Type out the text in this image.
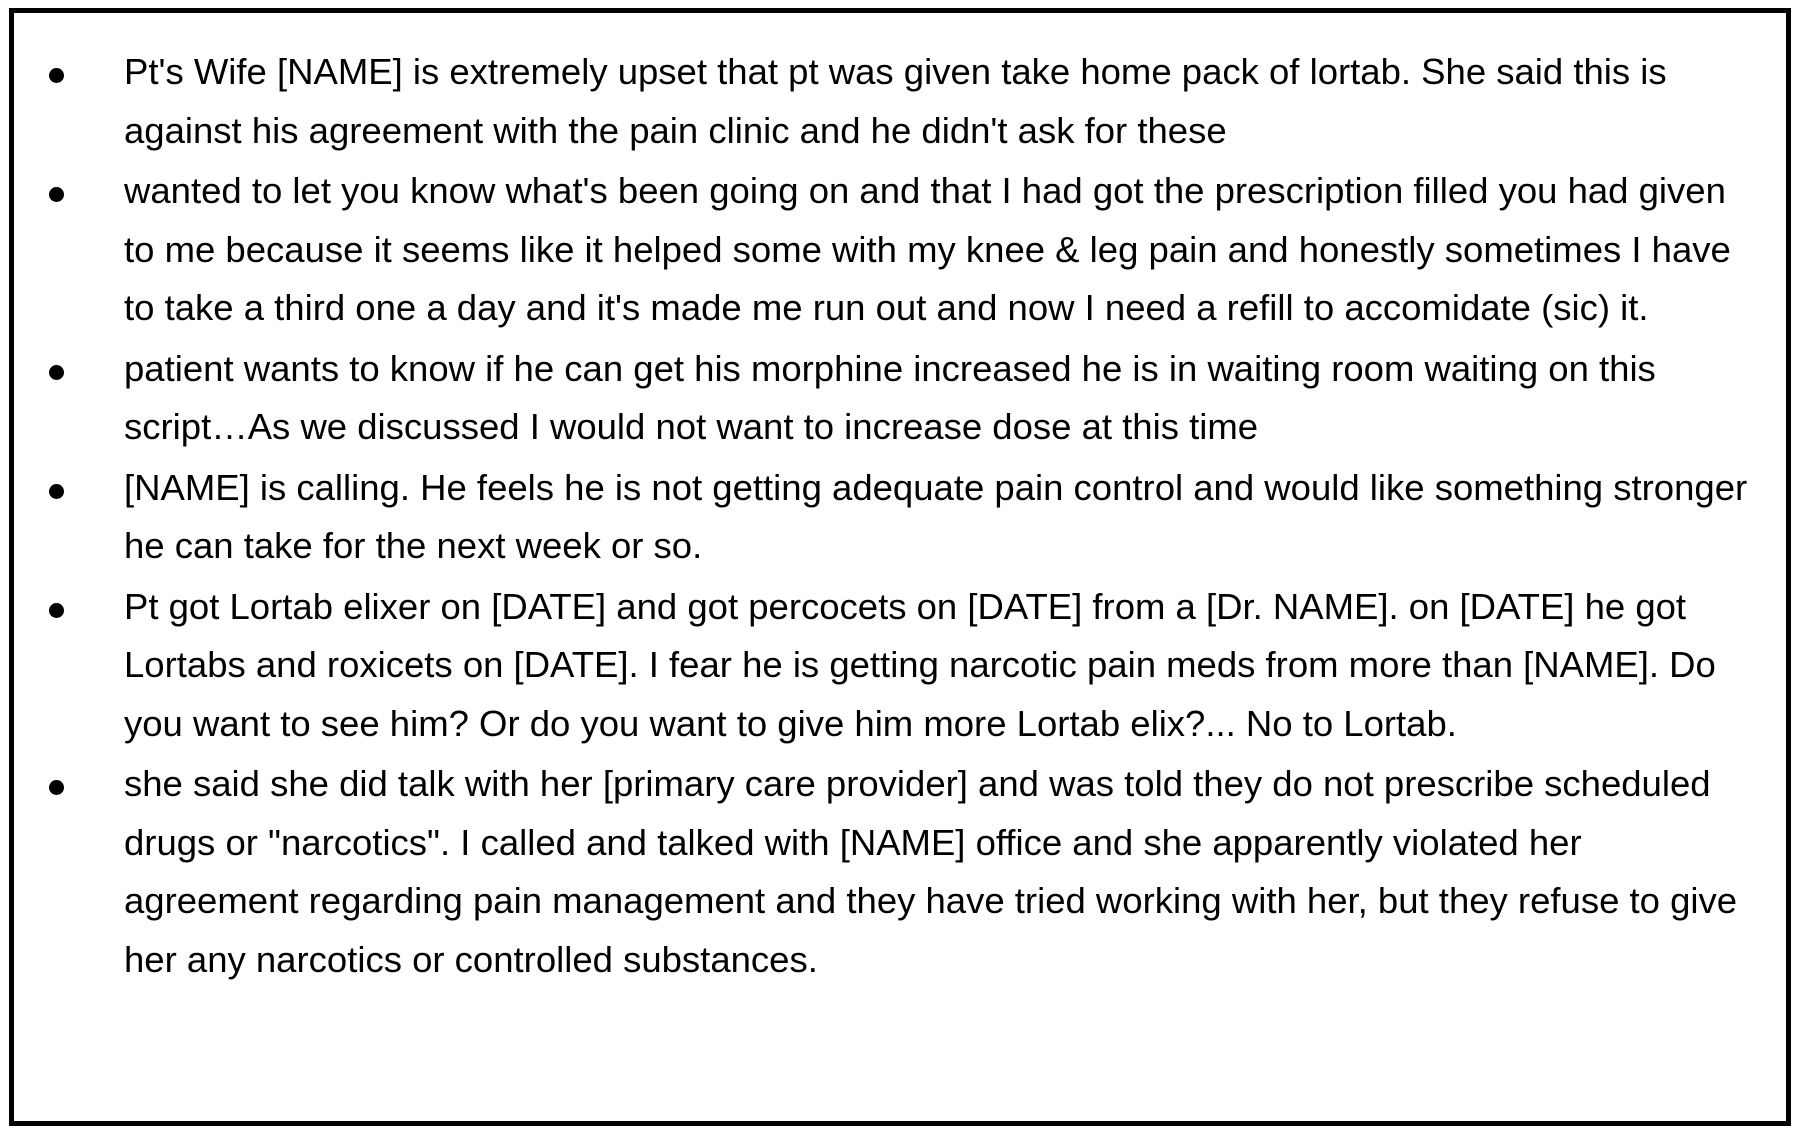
Pt's Wife [NAME] is extremely upset that pt was given take home pack of lortab. She said this is against his agreement with the pain clinic and he didn't ask for these
wanted to let you know what's been going on and that I had got the prescription filled you had given to me because it seems like it helped some with my knee & leg pain and honestly sometimes I have to take a third one a day and it's made me run out and now I need a refill to accomidate (sic) it.
patient wants to know if he can get his morphine increased he is in waiting room waiting on this script…As we discussed I would not want to increase dose at this time
[NAME] is calling. He feels he is not getting adequate pain control and would like something stronger he can take for the next week or so.
Pt got Lortab elixer on [DATE] and got percocets on [DATE] from a [Dr. NAME]. on [DATE] he got Lortabs and roxicets on [DATE]. I fear he is getting narcotic pain meds from more than [NAME]. Do you want to see him? Or do you want to give him more Lortab elix?... No to Lortab.
she said she did talk with her [primary care provider] and was told they do not prescribe scheduled drugs or "narcotics". I called and talked with [NAME] office and she apparently violated her agreement regarding pain management and they have tried working with her, but they refuse to give her any narcotics or controlled substances.
